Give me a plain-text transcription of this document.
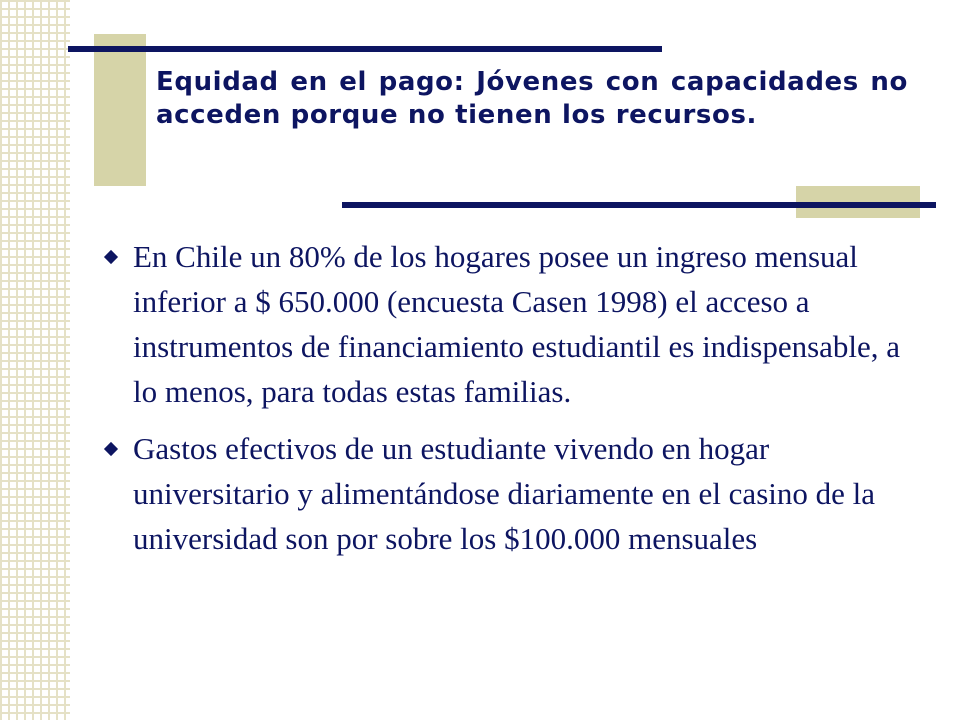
Equidad en el pago: Jóvenes con capacidades no acceden porque no tienen los recursos.
En Chile un 80% de los hogares posee un ingreso mensual inferior a $ 650.000 (encuesta Casen 1998) el acceso a instrumentos de financiamiento estudiantil es indispensable, a lo menos, para todas estas familias.
Gastos efectivos de un estudiante vivendo en hogar universitario y alimentándose diariamente en el casino de la universidad son por sobre los $100.000 mensuales
